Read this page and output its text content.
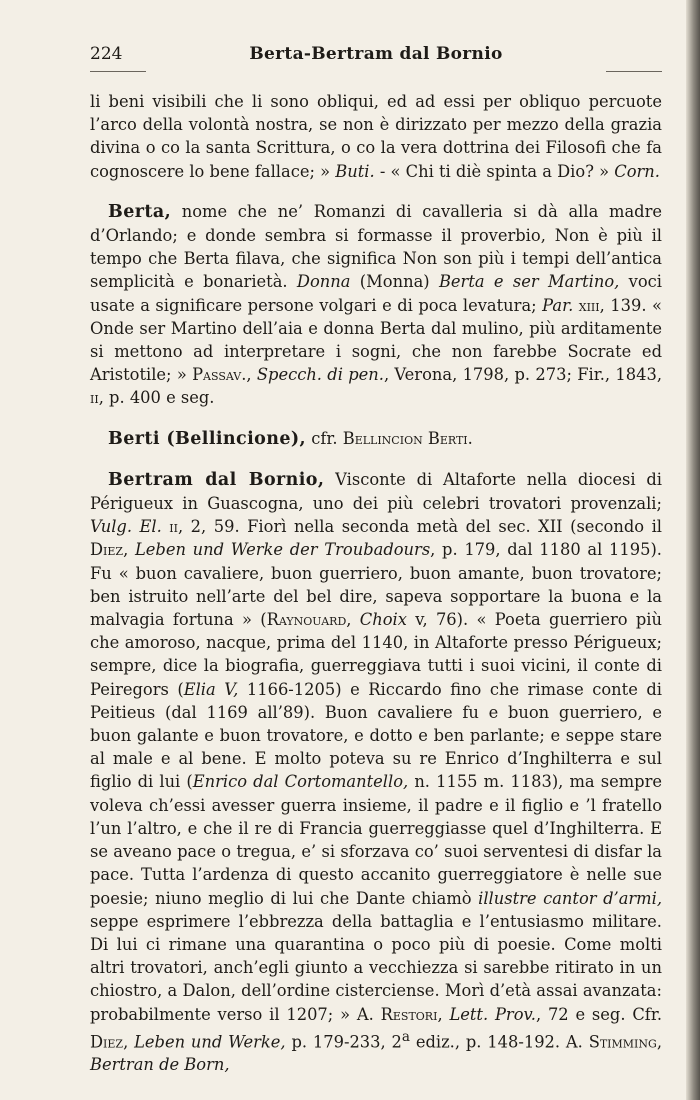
224	Berta-Bertram dal Bornio

li beni visibili che li sono obliqui, ed ad essi per obliquo percuote l’arco della volontà nostra, se non è dirizzato per mezzo della grazia divina o co la santa Scrittura, o co la vera dottrina dei Filosofi che fa cognoscere lo bene fallace; » Buti. - « Chi ti diè spinta a Dio? » Corn.

Berta, nome che ne’ Romanzi di cavalleria si dà alla madre d’Orlando; e donde sembra si formasse il proverbio, Non è più il tempo che Berta filava, che significa Non son più i tempi dell’antica semplicità e bonarietà. Donna (Monna) Berta e ser Martino, voci usate a significare persone volgari e di poca levatura; Par. xiii, 139. « Onde ser Martino dell’aia e donna Berta dal mulino, più arditamente si mettono ad interpretare i sogni, che non farebbe Socrate ed Aristotile; » Passav., Specch. di pen., Verona, 1798, p. 273; Fir., 1843, ii, p. 400 e seg.

Berti (Bellincione), cfr. Bellincion Berti.

Bertram dal Bornio, Visconte di Altaforte nella diocesi di Périgueux in Guascogna, uno dei più celebri trovatori provenzali; Vulg. El. ii, 2, 59. Fiorì nella seconda metà del sec. XII (secondo il Diez, Leben und Werke der Troubadours, p. 179, dal 1180 al 1195). Fu « buon cavaliere, buon guerriero, buon amante, buon trovatore; ben istruito nell’arte del bel dire, sapeva sopportare la buona e la malvagia fortuna » (Raynouard, Choix v, 76). « Poeta guerriero più che amoroso, nacque, prima del 1140, in Altaforte presso Périgueux; sempre, dice la biografia, guerreggiava tutti i suoi vicini, il conte di Peiregors (Elia V, 1166-1205) e Riccardo fino che rimase conte di Peitieus (dal 1169 all’89). Buon cavaliere fu e buon guerriero, e buon galante e buon trovatore, e dotto e ben parlante; e seppe stare al male e al bene. E molto poteva su re Enrico d’Inghilterra e sul figlio di lui (Enrico dal Cortomantello, n. 1155 m. 1183), ma sempre voleva ch’essi avesser guerra insieme, il padre e il figlio e ’l fratello l’un l’altro, e che il re di Francia guerreggiasse quel d’Inghilterra. E se aveano pace o tregua, e’ si sforzava co’ suoi serventesi di disfar la pace. Tutta l’ardenza di questo accanito guerreggiatore è nelle sue poesie; niuno meglio di lui che Dante chiamò illustre cantor d’armi, seppe esprimere l’ebbrezza della battaglia e l’entusiasmo militare. Di lui ci rimane una quarantina o poco più di poesie. Come molti altri trovatori, anch’egli giunto a vecchiezza si sarebbe ritirato in un chiostro, a Dalon, dell’ordine cisterciense. Morì d’età assai avanzata: probabilmente verso il 1207; » A. Restori, Lett. Prov., 72 e seg. Cfr. Diez, Leben und Werke, p. 179-233, 2$^a$ ediz., p. 148-192. A. Stimming, Bertran de Born,
